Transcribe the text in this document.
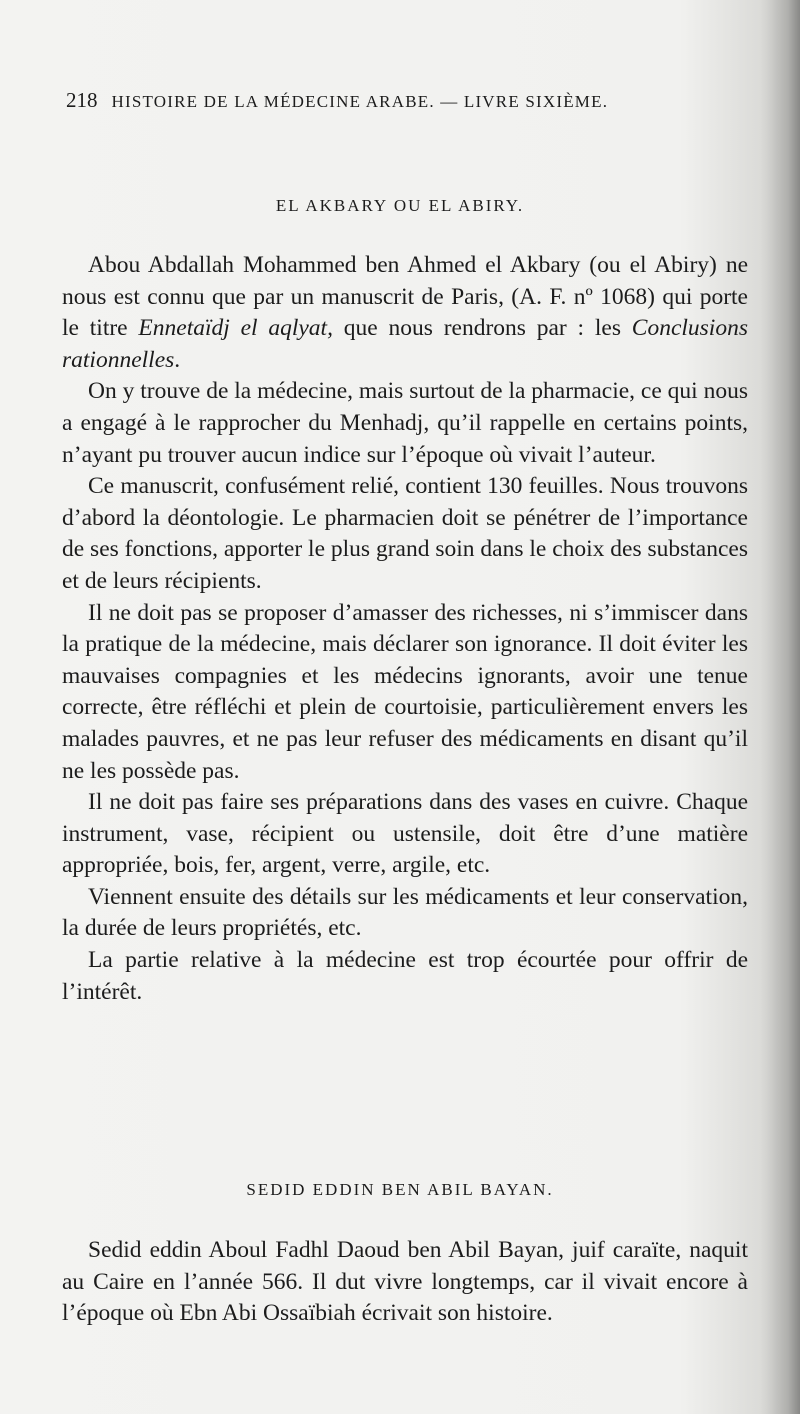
218 HISTOIRE DE LA MÉDECINE ARABE. — LIVRE SIXIÈME.
EL AKBARY OU EL ABIRY.

Abou Abdallah Mohammed ben Ahmed el Akbary (ou el Abiry) ne nous est connu que par un manuscrit de Paris, (A. F. nº 1068) qui porte le titre Ennetaïdj el aqlyat, que nous rendrons par : les Conclusions rationnelles.

On y trouve de la médecine, mais surtout de la pharmacie, ce qui nous a engagé à le rapprocher du Menhadj, qu’il rappelle en certains points, n’ayant pu trouver aucun indice sur l’époque où vivait l’auteur.

Ce manuscrit, confusément relié, contient 130 feuilles. Nous trouvons d’abord la déontologie. Le pharmacien doit se pénétrer de l’importance de ses fonctions, apporter le plus grand soin dans le choix des substances et de leurs récipients.

Il ne doit pas se proposer d’amasser des richesses, ni s’immiscer dans la pratique de la médecine, mais déclarer son ignorance. Il doit éviter les mauvaises compagnies et les médecins ignorants, avoir une tenue correcte, être réfléchi et plein de courtoisie, particulièrement envers les malades pauvres, et ne pas leur refuser des médicaments en disant qu’il ne les possède pas.

Il ne doit pas faire ses préparations dans des vases en cuivre. Chaque instrument, vase, récipient ou ustensile, doit être d’une matière appropriée, bois, fer, argent, verre, argile, etc.

Viennent ensuite des détails sur les médicaments et leur conservation, la durée de leurs propriétés, etc.

La partie relative à la médecine est trop écourtée pour offrir de l’intérêt.

SEDID EDDIN BEN ABIL BAYAN.

Sedid eddin Aboul Fadhl Daoud ben Abil Bayan, juif caraïte, naquit au Caire en l’année 566. Il dut vivre longtemps, car il vivait encore à l’époque où Ebn Abi Ossaïbiah écrivait son histoire.
